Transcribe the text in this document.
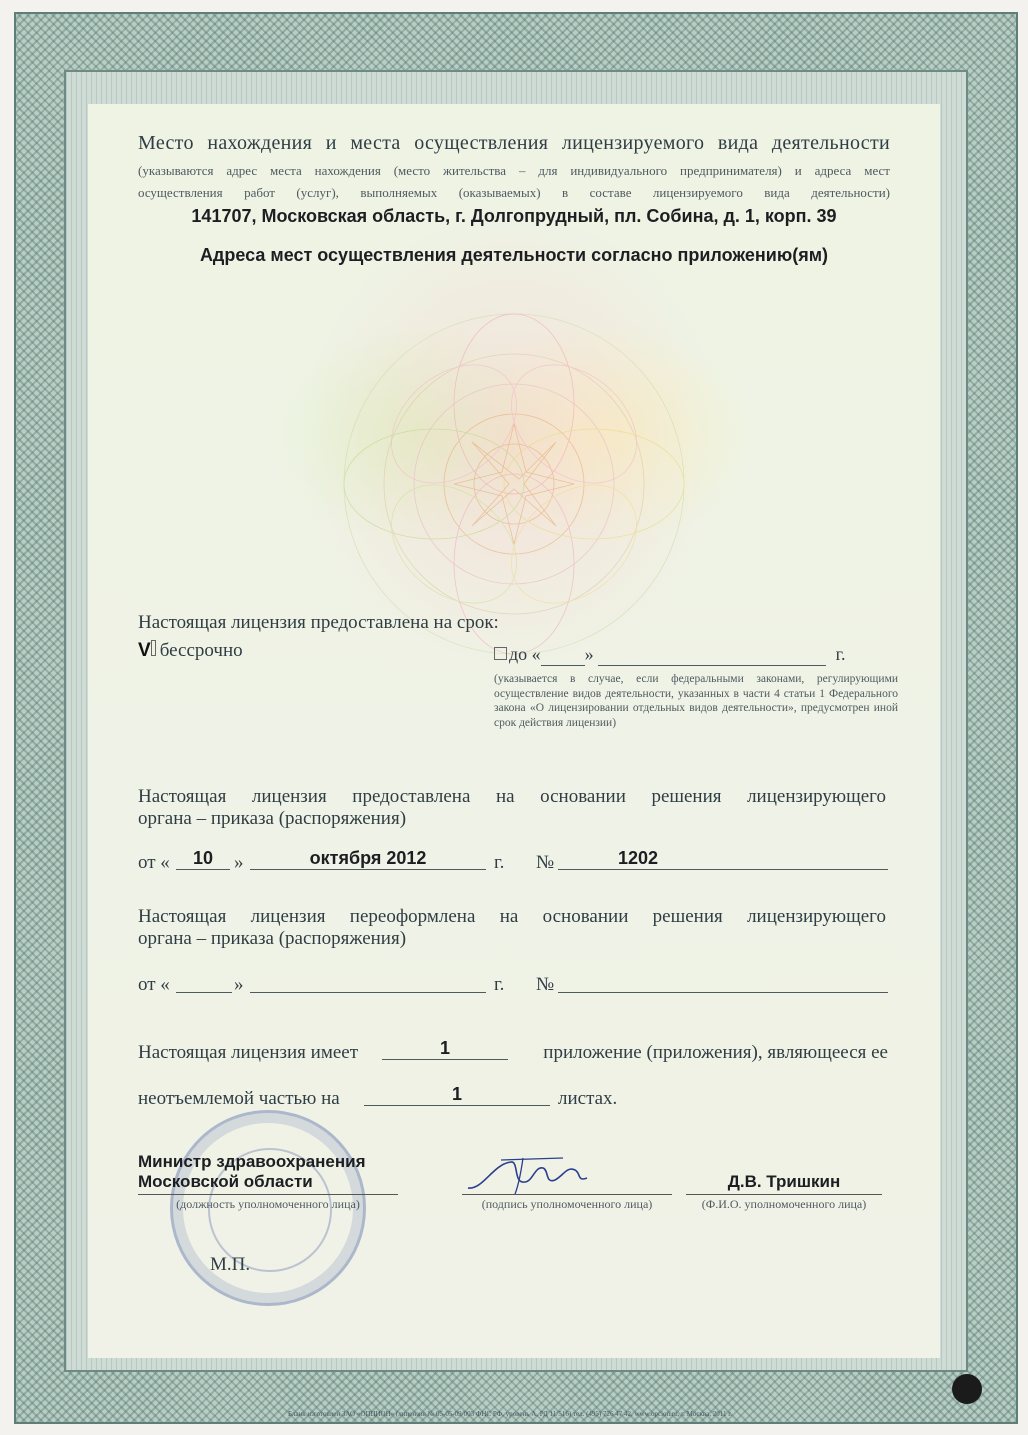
Место нахождения и места осуществления лицензируемого вида деятельности
(указываются адрес места нахождения (место жительства – для индивидуального предпринимателя) и адреса мест
осуществления работ (услуг), выполняемых (оказываемых) в составе лицензируемого вида деятельности)
141707, Московская область, г. Долгопрудный, пл. Собина, д. 1, корп. 39
Адреса мест осуществления деятельности согласно приложению(ям)
Настоящая лицензия предоставлена на срок:
V бессрочно	до « »	г.
(указывается в случае, если федеральными законами, регулирующими осуществление видов деятельности, указанных в части 4 статьи 1 Федерального закона «О лицензировании отдельных видов деятельности», предусмотрен иной срок действия лицензии)
Настоящая лицензия предоставлена на основании решения лицензирующего
органа – приказа (распоряжения)
от «	10	»	октября 2012	г. №	1202
Настоящая лицензия переоформлена на основании решения лицензирующего
органа – приказа (распоряжения)
от «	»	г. №
Настоящая лицензия имеет	1	приложение (приложения), являющееся ее
неотъемлемой частью на	1	листах.
Министр здравоохранения
Московской области
(должность уполномоченного лица)	(подпись уполномоченного лица)
Д.В. Тришкин
(Ф.И.О. уполномоченного лица)
М.П.
Бланк изготовлен ЗАО «ОПЦИОН» (лицензия № 05-05-09/003 ФНС РФ, уровень А, РД 11/516) тел. (495) 726 47 42, www.opcion.ru, г. Москва, 2011 г.
